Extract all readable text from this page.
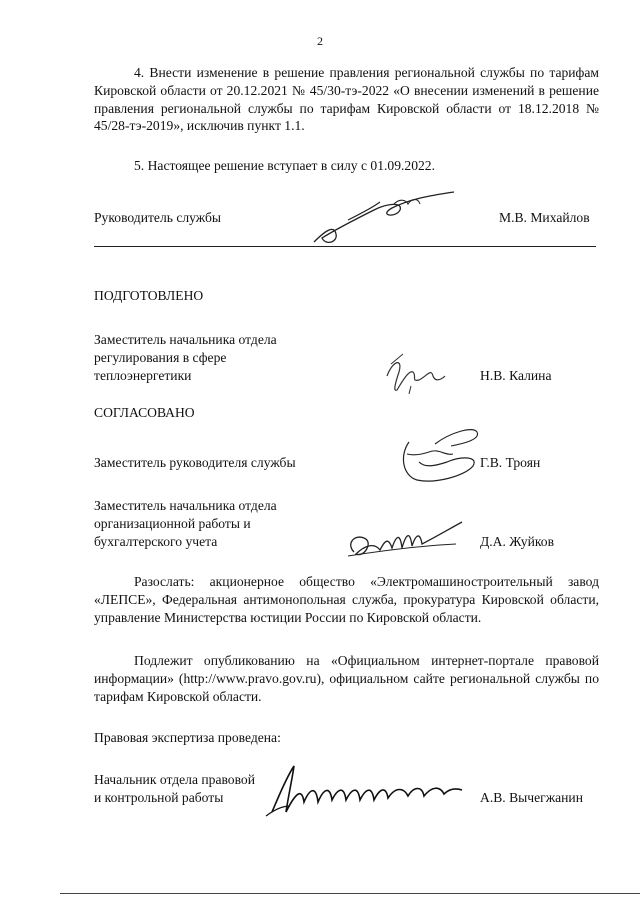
2
4. Внести изменение в решение правления региональной службы по тарифам Кировской области от 20.12.2021 № 45/30-тэ-2022 «О внесении изменений в решение правления региональной службы по тарифам Кировской области от 18.12.2018 № 45/28-тэ-2019», исключив пункт 1.1.
5. Настоящее решение вступает в силу с 01.09.2022.
Руководитель службы	М.В. Михайлов
ПОДГОТОВЛЕНО
Заместитель начальника отдела
регулирования в сфере
теплоэнергетики	Н.В. Калина
СОГЛАСОВАНО
Заместитель руководителя службы	Г.В. Троян
Заместитель начальника отдела
организационной работы и
бухгалтерского учета	Д.А. Жуйков
Разослать: акционерное общество «Электромашиностроительный завод «ЛЕПСЕ», Федеральная антимонопольная служба, прокуратура Кировской области, управление Министерства юстиции России по Кировской области.
Подлежит опубликованию на «Официальном интернет-портале правовой информации» (http://www.pravo.gov.ru), официальном сайте региональной службы по тарифам Кировской области.
Правовая экспертиза проведена:
Начальник отдела правовой
и контрольной работы	А.В. Вычегжанин
